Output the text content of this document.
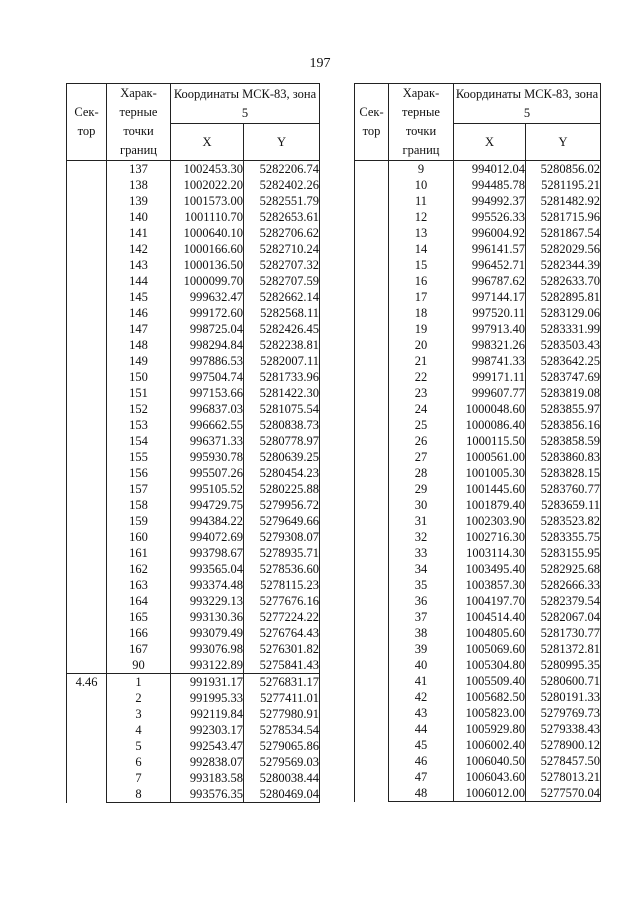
197
Сек-тор	Харак-терные точки границ	Координаты МСК-83, зона 5	
		X	Y
	137	1002453.30	5282206.74
	138	1002022.20	5282402.26
	139	1001573.00	5282551.79
	140	1001110.70	5282653.61
	141	1000640.10	5282706.62
	142	1000166.60	5282710.24
	143	1000136.50	5282707.32
	144	1000099.70	5282707.59
	145	999632.47	5282662.14
	146	999172.60	5282568.11
	147	998725.04	5282426.45
	148	998294.84	5282238.81
	149	997886.53	5282007.11
	150	997504.74	5281733.96
	151	997153.66	5281422.30
	152	996837.03	5281075.54
	153	996662.55	5280838.73
	154	996371.33	5280778.97
	155	995930.78	5280639.25
	156	995507.26	5280454.23
	157	995105.52	5280225.88
	158	994729.75	5279956.72
	159	994384.22	5279649.66
	160	994072.69	5279308.07
	161	993798.67	5278935.71
	162	993565.04	5278536.60
	163	993374.48	5278115.23
	164	993229.13	5277676.16
	165	993130.36	5277224.22
	166	993079.49	5276764.43
	167	993076.98	5276301.82
	90	993122.89	5275841.43
4.46	1	991931.17	5276831.17
	2	991995.33	5277411.01
	3	992119.84	5277980.91
	4	992303.17	5278534.54
	5	992543.47	5279065.86
	6	992838.07	5279569.03
	7	993183.58	5280038.44
	8	993576.35	5280469.04
Сек-тор	Харак-терные точки границ	Координаты МСК-83, зона 5	
		X	Y
	9	994012.04	5280856.02
	10	994485.78	5281195.21
	11	994992.37	5281482.92
	12	995526.33	5281715.96
	13	996004.92	5281867.54
	14	996141.57	5282029.56
	15	996452.71	5282344.39
	16	996787.62	5282633.70
	17	997144.17	5282895.81
	18	997520.11	5283129.06
	19	997913.40	5283331.99
	20	998321.26	5283503.43
	21	998741.33	5283642.25
	22	999171.11	5283747.69
	23	999607.77	5283819.08
	24	1000048.60	5283855.97
	25	1000086.40	5283856.16
	26	1000115.50	5283858.59
	27	1000561.00	5283860.83
	28	1001005.30	5283828.15
	29	1001445.60	5283760.77
	30	1001879.40	5283659.11
	31	1002303.90	5283523.82
	32	1002716.30	5283355.75
	33	1003114.30	5283155.95
	34	1003495.40	5282925.68
	35	1003857.30	5282666.33
	36	1004197.70	5282379.54
	37	1004514.40	5282067.04
	38	1004805.60	5281730.77
	39	1005069.60	5281372.81
	40	1005304.80	5280995.35
	41	1005509.40	5280600.71
	42	1005682.50	5280191.33
	43	1005823.00	5279769.73
	44	1005929.80	5279338.43
	45	1006002.40	5278900.12
	46	1006040.50	5278457.50
	47	1006043.60	5278013.21
	48	1006012.00	5277570.04
